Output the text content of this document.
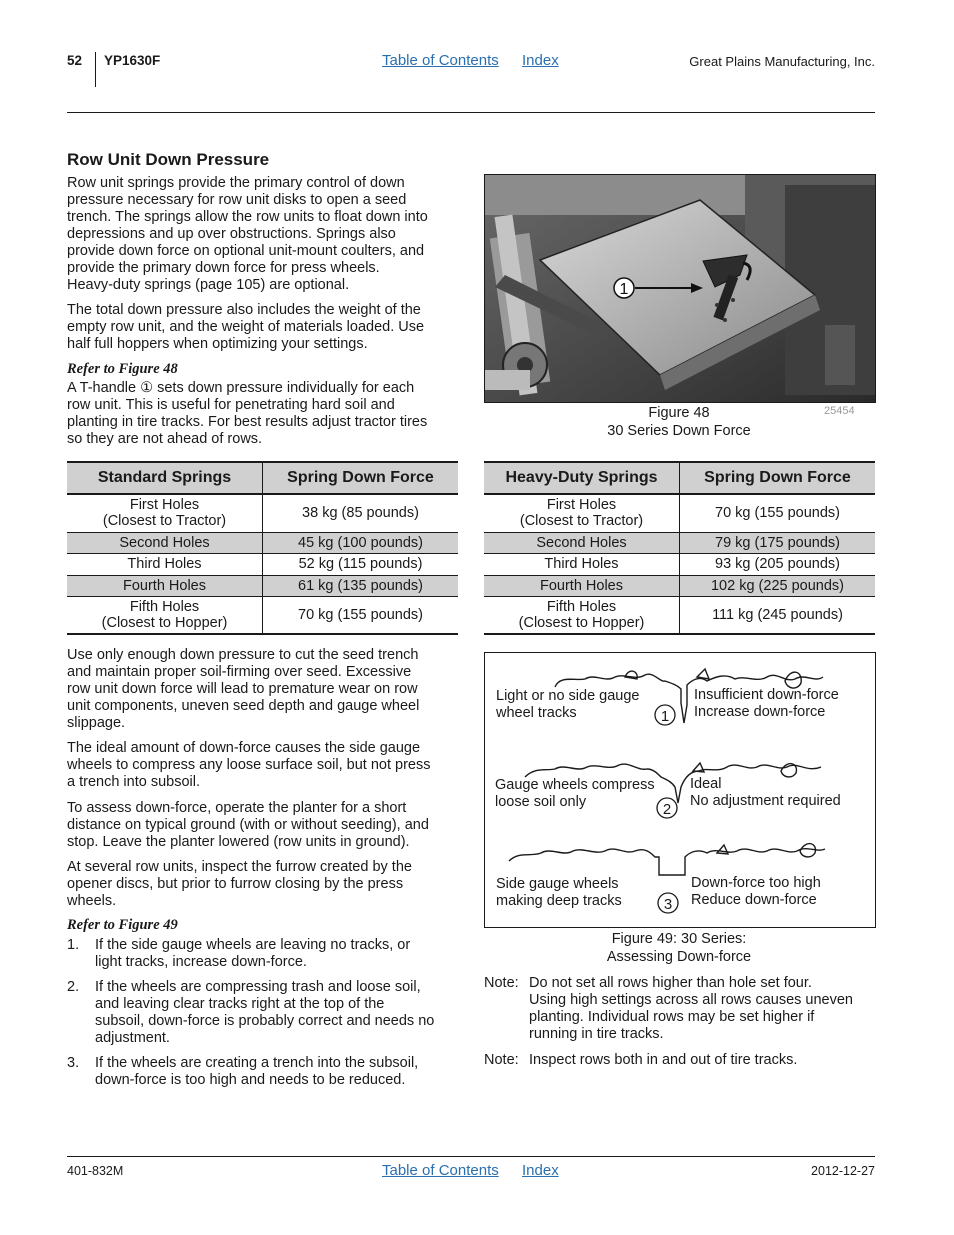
52 YP1630F	Table of Contents Index	Great Plains Manufacturing, Inc.
Row Unit Down Pressure
Row unit springs provide the primary control of down
pressure necessary for row unit disks to open a seed
trench. The springs allow the row units to float down into
depressions and up over obstructions. Springs also
provide down force on optional unit-mount coulters, and
provide the primary down force for press wheels.
Heavy-duty springs (page 105) are optional.
The total down pressure also includes the weight of the
empty row unit, and the weight of materials loaded. Use
half full hoppers when optimizing your settings.
Refer to Figure 48
A T-handle ① sets down pressure individually for each
row unit. This is useful for penetrating hard soil and
planting in tire tracks. For best results adjust tractor tires
so they are not ahead of rows.
1
Figure 48
30 Series Down Force
25454
Standard Springs	Spring Down Force

First Holes
(Closest to Tractor)	38 kg (85 pounds)
Second Holes	45 kg (100 pounds)
Third Holes	52 kg (115 pounds)
Fourth Holes	61 kg (135 pounds)

Fifth Holes
(Closest to Hopper)	70 kg (155 pounds)
Heavy-Duty Springs	Spring Down Force

First Holes
(Closest to Tractor)	70 kg (155 pounds)
Second Holes	79 kg (175 pounds)
Third Holes	93 kg (205 pounds)
Fourth Holes	102 kg (225 pounds)

Fifth Holes
(Closest to Hopper)	111 kg (245 pounds)
Use only enough down pressure to cut the seed trench
and maintain proper soil-firming over seed. Excessive
row unit down force will lead to premature wear on row
unit components, uneven seed depth and gauge wheel
slippage.
The ideal amount of down-force causes the side gauge
wheels to compress any loose surface soil, but not press
a trench into subsoil.
To assess down-force, operate the planter for a short
distance on typical ground (with or without seeding), and
stop. Leave the planter lowered (row units in ground).
At several row units, inspect the furrow created by the
opener discs, but prior to furrow closing by the press
wheels.
Refer to Figure 49
1. If the side gauge wheels are leaving no tracks, or
light tracks, increase down-force.
2. If the wheels are compressing trash and loose soil,
and leaving clear tracks right at the top of the
subsoil, down-force is probably correct and needs no
adjustment.
3. If the wheels are creating a trench into the subsoil,
down-force is too high and needs to be reduced.
1
2
3
Light or no side gauge
wheel tracks
Insufficient down-force
Increase down-force
Gauge wheels compress
loose soil only
Ideal
No adjustment required
Side gauge wheels
making deep tracks
Down-force too high
Reduce down-force
Figure 49: 30 Series:
Assessing Down-force
Note: Do not set all rows higher than hole set four.
Using high settings across all rows causes uneven
planting. Individual rows may be set higher if
running in tire tracks.
Note: Inspect rows both in and out of tire tracks.
401-832M	Table of Contents Index	2012-12-27
